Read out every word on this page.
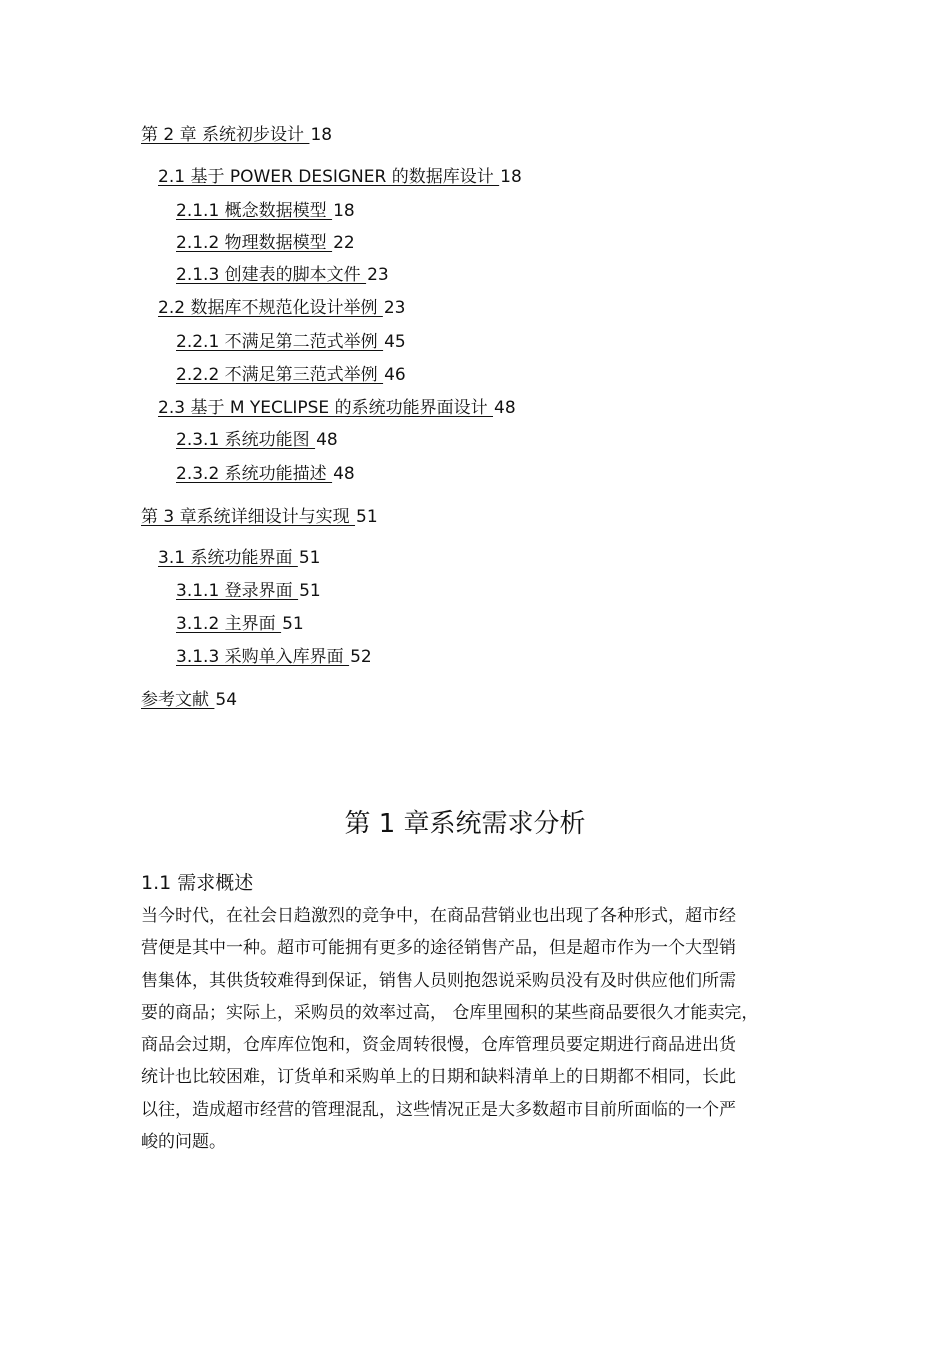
第 2 章 系统初步设计 18
2.1 基于 POWER DESIGNER 的数据库设计 18
2.1.1 概念数据模型 18
2.1.2 物理数据模型 22
2.1.3 创建表的脚本文件 23
2.2 数据库不规范化设计举例 23
2.2.1 不满足第二范式举例 45
2.2.2 不满足第三范式举例 46
2.3 基于 M YECLIPSE 的系统功能界面设计 48
2.3.1 系统功能图 48
2.3.2 系统功能描述 48
第 3 章系统详细设计与实现 51
3.1 系统功能界面 51
3.1.1 登录界面 51
3.1.2 主界面 51
3.1.3 采购单入库界面 52
参考文献 54
第 1 章系统需求分析
1.1 需求概述
当今时代，在社会日趋激烈的竞争中，在商品营销业也出现了各种形式，超市经
营便是其中一种。超市可能拥有更多的途径销售产品，但是超市作为一个大型销
售集体，其供货较难得到保证，销售人员则抱怨说采购员没有及时供应他们所需
要的商品；实际上，采购员的效率过高， 仓库里囤积的某些商品要很久才能卖完，
商品会过期，仓库库位饱和，资金周转很慢，仓库管理员要定期进行商品进出货
统计也比较困难，订货单和采购单上的日期和缺料清单上的日期都不相同，长此
以往，造成超市经营的管理混乱，这些情况正是大多数超市目前所面临的一个严
峻的问题。
